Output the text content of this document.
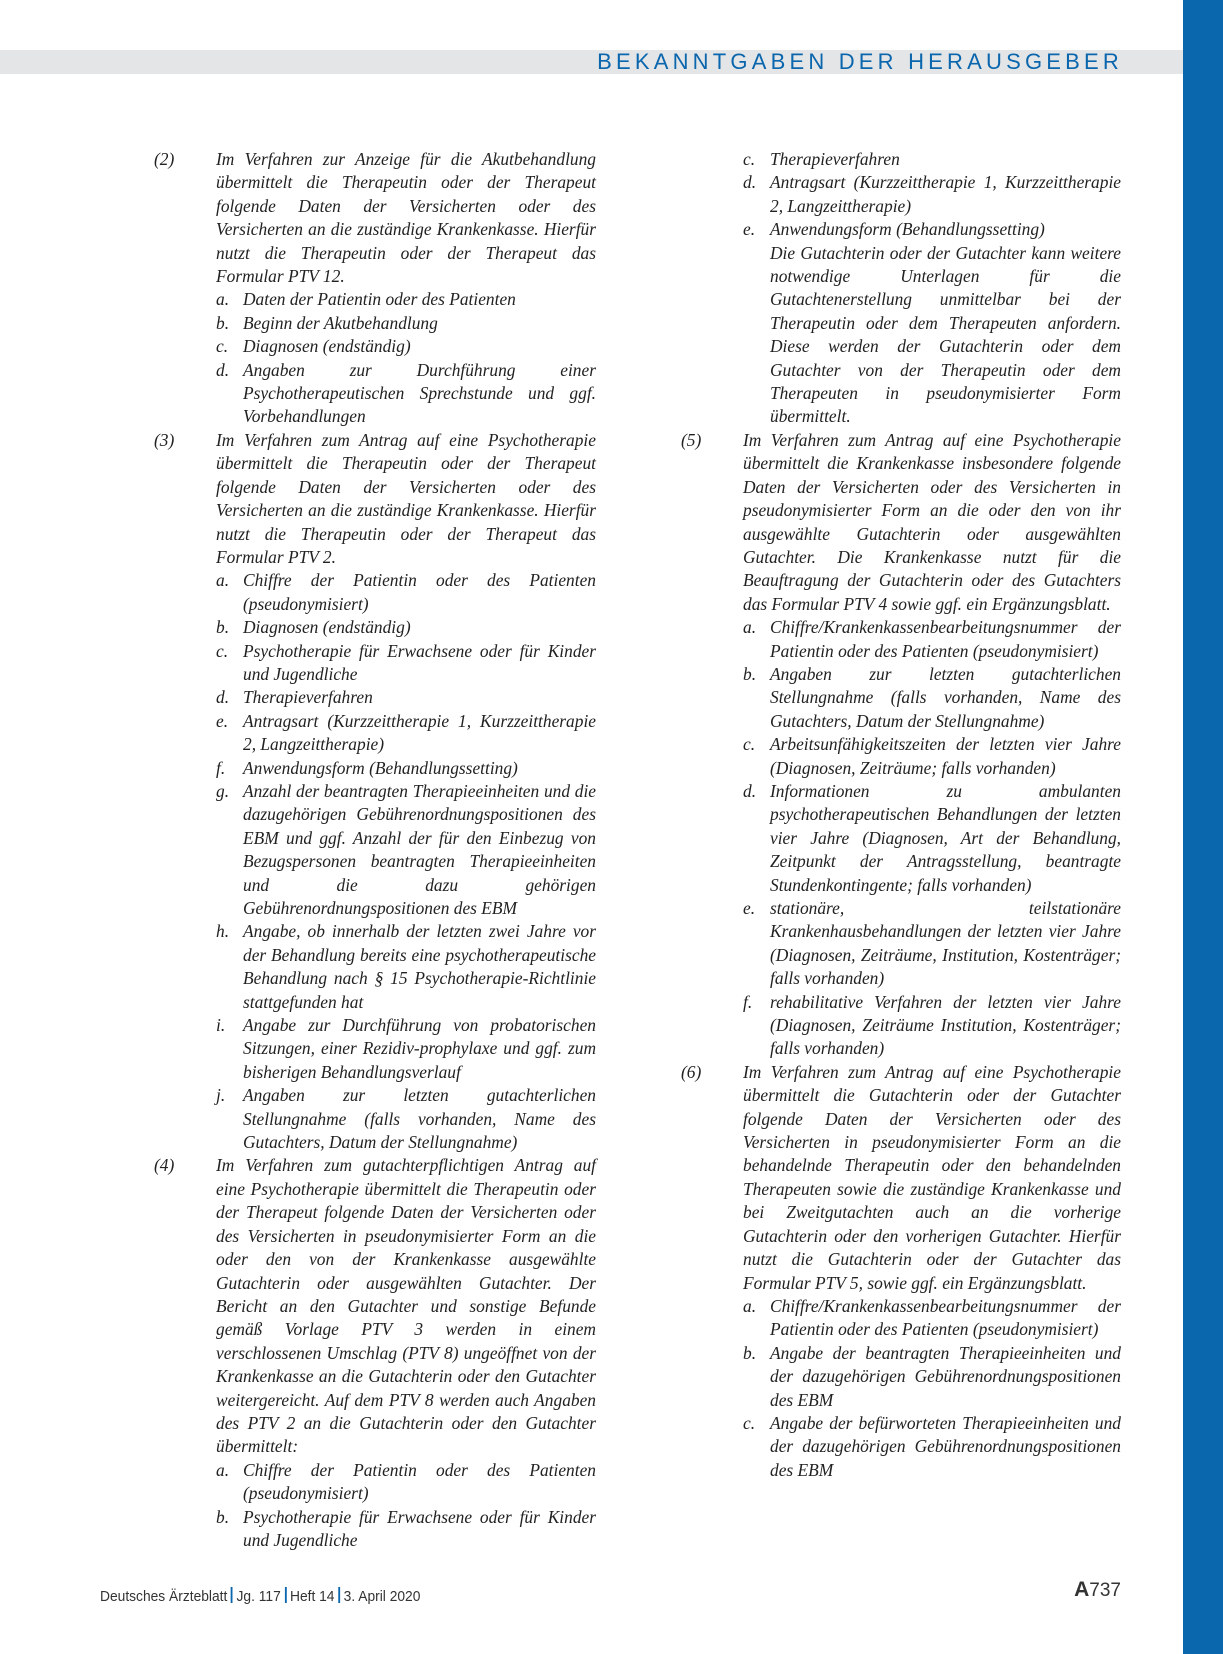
BEKANNTGABEN DER HERAUSGEBER
(2)	Im Verfahren zur Anzeige für die Akutbehandlung übermittelt die Therapeutin oder der Therapeut folgende Daten der Versicherten oder des Versicherten an die zuständige Krankenkasse. Hierfür nutzt die Therapeutin oder der Therapeut das Formular PTV 12.
a. Daten der Patientin oder des Patienten
b. Beginn der Akutbehandlung
c. Diagnosen (endständig)
d. Angaben zur Durchführung einer Psychotherapeutischen Sprechstunde und ggf. Vorbehandlungen
(3)	Im Verfahren zum Antrag auf eine Psychotherapie übermittelt die Therapeutin oder der Therapeut folgende Daten der Versicherten oder des Versicherten an die zuständige Krankenkasse. Hierfür nutzt die Therapeutin oder der Therapeut das Formular PTV 2.
a. Chiffre der Patientin oder des Patienten (pseudonymisiert)
b. Diagnosen (endständig)
c. Psychotherapie für Erwachsene oder für Kinder und Jugendliche
d. Therapieverfahren
e. Antragsart (Kurzzeittherapie 1, Kurzzeittherapie 2, Langzeittherapie)
f.	Anwendungsform (Behandlungssetting)
g. Anzahl der beantragten Therapieeinheiten und die dazugehörigen Gebührenordnungspositionen des EBM und ggf. Anzahl der für den Einbezug von Bezugspersonen beantragten Therapieeinheiten und die dazu gehörigen Gebührenordnungspositionen des EBM
h. Angabe, ob innerhalb der letzten zwei Jahre vor der Behandlung bereits eine psychotherapeutische Behandlung nach § 15 Psychotherapie-Richtlinie stattgefunden hat
i.	Angabe zur Durchführung von probatorischen Sitzungen, einer Rezidiv-prophylaxe und ggf. zum bisherigen Behandlungsverlauf
j.	Angaben zur letzten gutachterlichen Stellungnahme (falls vorhanden, Name des Gutachters, Datum der Stellungnahme)
(4)	Im Verfahren zum gutachterpflichtigen Antrag auf eine Psychotherapie übermittelt die Therapeutin oder der Therapeut folgende Daten der Versicherten oder des Versicherten in pseudonymisierter Form an die oder den von der Krankenkasse ausgewählte Gutachterin oder ausgewählten Gutachter. Der Bericht an den Gutachter und sonstige Befunde gemäß Vorlage PTV 3 werden in einem verschlossenen Umschlag (PTV 8) ungeöffnet von der Krankenkasse an die Gutachterin oder den Gutachter weitergereicht. Auf dem PTV 8 werden auch Angaben des PTV 2 an die Gutachterin oder den Gutachter übermittelt:
a. Chiffre der Patientin oder des Patienten (pseudonymisiert)
b. Psychotherapie für Erwachsene oder für Kinder und Jugendliche
c. Therapieverfahren
d. Antragsart (Kurzzeittherapie 1, Kurzzeittherapie 2, Langzeittherapie)
e. Anwendungsform (Behandlungssetting)
Die Gutachterin oder der Gutachter kann weitere notwendige Unterlagen für die Gutachtenerstellung unmittelbar bei der Therapeutin oder dem Therapeuten anfordern. Diese werden der Gutachterin oder dem Gutachter von der Therapeutin oder dem Therapeuten in pseudonymisierter Form übermittelt.
(5)	Im Verfahren zum Antrag auf eine Psychotherapie übermittelt die Krankenkasse insbesondere folgende Daten der Versicherten oder des Versicherten in pseudonymisierter Form an die oder den von ihr ausgewählte Gutachterin oder ausgewählten Gutachter. Die Krankenkasse nutzt für die Beauftragung der Gutachterin oder des Gutachters das Formular PTV 4 sowie ggf. ein Ergänzungsblatt.
a. Chiffre/Krankenkassenbearbeitungsnummer der Patientin oder des Patienten (pseudonymisiert)
b. Angaben zur letzten gutachterlichen Stellungnahme (falls vorhanden, Name des Gutachters, Datum der Stellungnahme)
c. Arbeitsunfähigkeitszeiten der letzten vier Jahre (Diagnosen, Zeiträume; falls vorhanden)
d. Informationen zu ambulanten psychotherapeutischen Behandlungen der letzten vier Jahre (Diagnosen, Art der Behandlung, Zeitpunkt der Antragsstellung, beantragte Stundenkontingente; falls vorhanden)
e. stationäre, teilstationäre Krankenhausbehandlungen der letzten vier Jahre (Diagnosen, Zeiträume, Institution, Kostenträger; falls vorhanden)
f.	rehabilitative Verfahren der letzten vier Jahre (Diagnosen, Zeiträume Institution, Kostenträger; falls vorhanden)
(6)	Im Verfahren zum Antrag auf eine Psychotherapie übermittelt die Gutachterin oder der Gutachter folgende Daten der Versicherten oder des Versicherten in pseudonymisierter Form an die behandelnde Therapeutin oder den behandelnden Therapeuten sowie die zuständige Krankenkasse und bei Zweitgutachten auch an die vorherige Gutachterin oder den vorherigen Gutachter. Hierfür nutzt die Gutachterin oder der Gutachter das Formular PTV 5, sowie ggf. ein Ergänzungsblatt.
a. Chiffre/Krankenkassenbearbeitungsnummer der Patientin oder des Patienten (pseudonymisiert)
b. Angabe der beantragten Therapieeinheiten und der dazugehörigen Gebührenordnungspositionen des EBM
c. Angabe der befürworteten Therapieeinheiten und der dazugehörigen Gebührenordnungspositionen des EBM
Deutsches Ärzteblatt Jg. 117 Heft 14 3. April 2020	A737
